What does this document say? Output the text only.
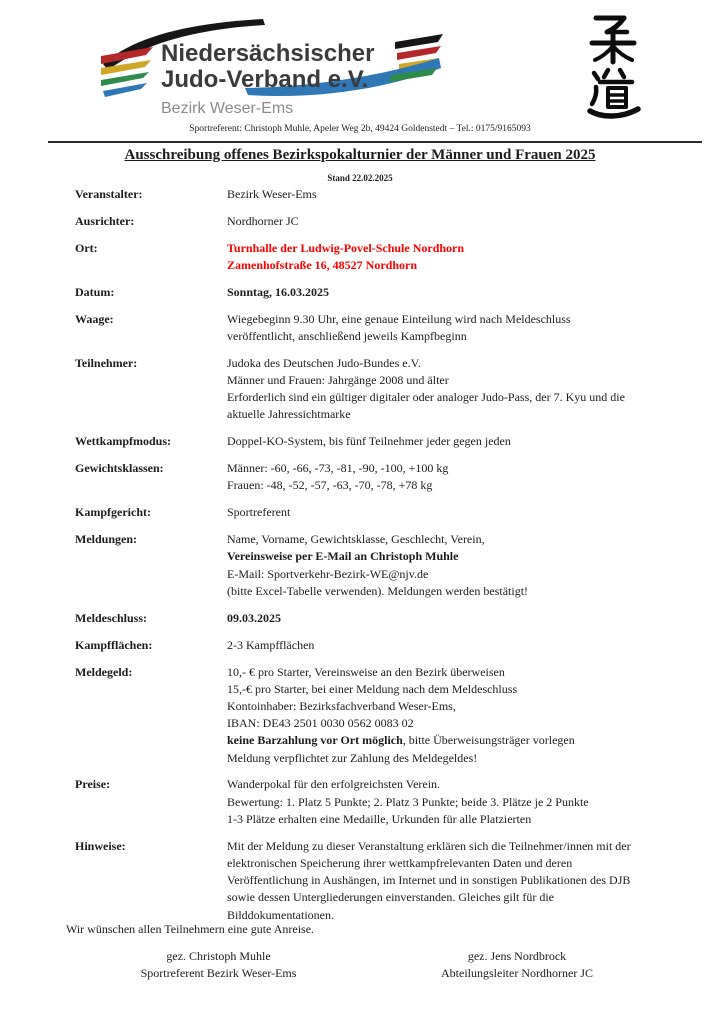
Niedersächsischer
Judo-Verband e.V.
Bezirk Weser-Ems
Sportreferent: Christoph Muhle, Apeler Weg 2b, 49424 Goldenstedt – Tel.: 0175/9165093
Ausschreibung offenes Bezirkspokalturnier der Männer und Frauen 2025
Stand 22.02.2025
Veranstalter:	Bezirk Weser-Ems
Ausrichter:	Nordhorner JC
Ort:	Turnhalle der Ludwig-Povel-Schule Nordhorn
Zamenhofstraße 16, 48527 Nordhorn
Datum:	Sonntag, 16.03.2025
Waage:	Wiegebeginn 9.30 Uhr, eine genaue Einteilung wird nach Meldeschluss
veröffentlicht, anschließend jeweils Kampfbeginn
Teilnehmer:	Judoka des Deutschen Judo-Bundes e.V.
Männer und Frauen: Jahrgänge 2008 und älter
Erforderlich sind ein gültiger digitaler oder analoger Judo-Pass, der 7. Kyu und die
aktuelle Jahressichtmarke
Wettkampfmodus:	Doppel-KO-System, bis fünf Teilnehmer jeder gegen jeden
Gewichtsklassen:	Männer: -60, -66, -73, -81, -90, -100, +100 kg
Frauen: -48, -52, -57, -63, -70, -78, +78 kg
Kampfgericht:	Sportreferent
Meldungen:	Name, Vorname, Gewichtsklasse, Geschlecht, Verein,
Vereinsweise per E-Mail an Christoph Muhle
E-Mail: Sportverkehr-Bezirk-WE@njv.de
(bitte Excel-Tabelle verwenden). Meldungen werden bestätigt!
Meldeschluss:	09.03.2025
Kampfflächen:	2-3 Kampfflächen
Meldegeld:	10,- € pro Starter, Vereinsweise an den Bezirk überweisen
15,-€ pro Starter, bei einer Meldung nach dem Meldeschluss
Kontoinhaber: Bezirksfachverband Weser-Ems,
IBAN: DE43 2501 0030 0562 0083 02
keine Barzahlung vor Ort möglich, bitte Überweisungsträger vorlegen
Meldung verpflichtet zur Zahlung des Meldegeldes!
Preise:	Wanderpokal für den erfolgreichsten Verein.
Bewertung: 1. Platz 5 Punkte; 2. Platz 3 Punkte; beide 3. Plätze je 2 Punkte
1-3 Plätze erhalten eine Medaille, Urkunden für alle Platzierten
Hinweise:	Mit der Meldung zu dieser Veranstaltung erklären sich die Teilnehmer/innen mit der
elektronischen Speicherung ihrer wettkampfrelevanten Daten und deren
Veröffentlichung in Aushängen, im Internet und in sonstigen Publikationen des DJB
sowie dessen Untergliederungen einverstanden. Gleiches gilt für die
Bilddokumentationen.
Wir wünschen allen Teilnehmern eine gute Anreise.
gez. Christoph Muhle
Sportreferent Bezirk Weser-Ems
gez. Jens Nordbrock
Abteilungsleiter Nordhorner JC
